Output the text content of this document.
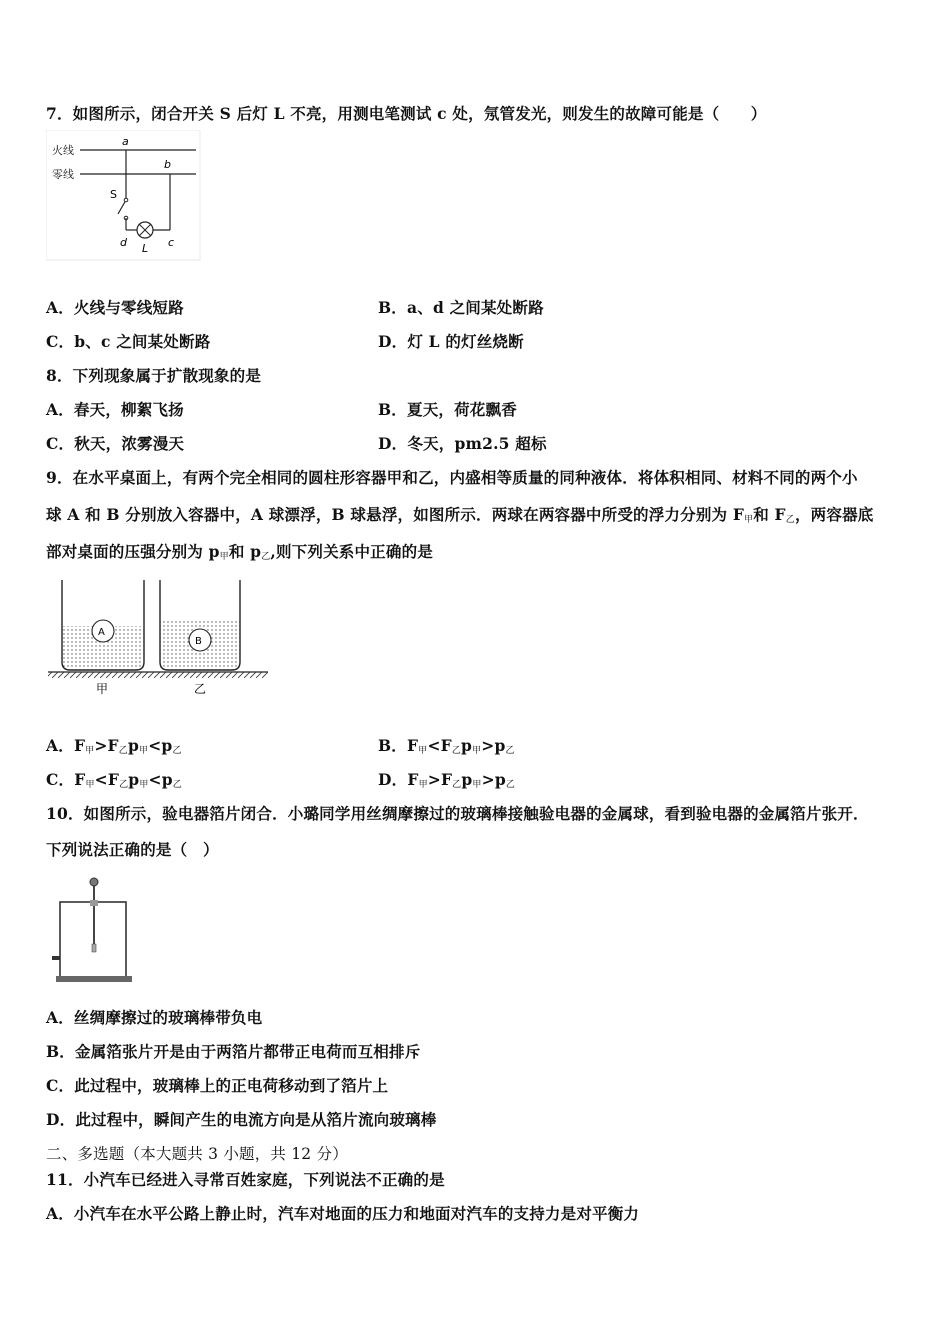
7．如图所示，闭合开关 S 后灯 L 不亮，用测电笔测试 c 处，氖管发光，则发生的故障可能是（　　）
火线
零线
a
b
S
d L c
A．火线与零线短路	B．a、d 之间某处断路
C．b、c 之间某处断路	D．灯 L 的灯丝烧断
8．下列现象属于扩散现象的是
A．春天，柳絮飞扬	B．夏天，荷花飘香
C．秋天，浓雾漫天	D．冬天，pm2.5 超标
9．在水平桌面上，有两个完全相同的圆柱形容器甲和乙，内盛相等质量的同种液体．将体积相同、材料不同的两个小
球 A 和 B 分别放入容器中，A 球漂浮，B 球悬浮，如图所示．两球在两容器中所受的浮力分别为 $F_甲$和 $F_乙$，两容器底
部对桌面的压强分别为 $p_甲$和 $p_乙$,则下列关系中正确的是
A
B
甲	乙
A．$F_甲>F_乙p_甲<p_乙$	B．$F_甲<F_乙p_甲>p_乙$
C．$F_甲<F_乙p_甲<p_乙$	D．$F_甲>F_乙p_甲>p_乙$
10．如图所示，验电器箔片闭合．小璐同学用丝绸摩擦过的玻璃棒接触验电器的金属球，看到验电器的金属箔片张开．
下列说法正确的是（　）
A．丝绸摩擦过的玻璃棒带负电
B．金属箔张片开是由于两箔片都带正电荷而互相排斥
C．此过程中，玻璃棒上的正电荷移动到了箔片上
D．此过程中，瞬间产生的电流方向是从箔片流向玻璃棒
二、多选题（本大题共 3 小题，共 12 分）
11．小汽车已经进入寻常百姓家庭，下列说法不正确的是
A．小汽车在水平公路上静止时，汽车对地面的压力和地面对汽车的支持力是对平衡力
